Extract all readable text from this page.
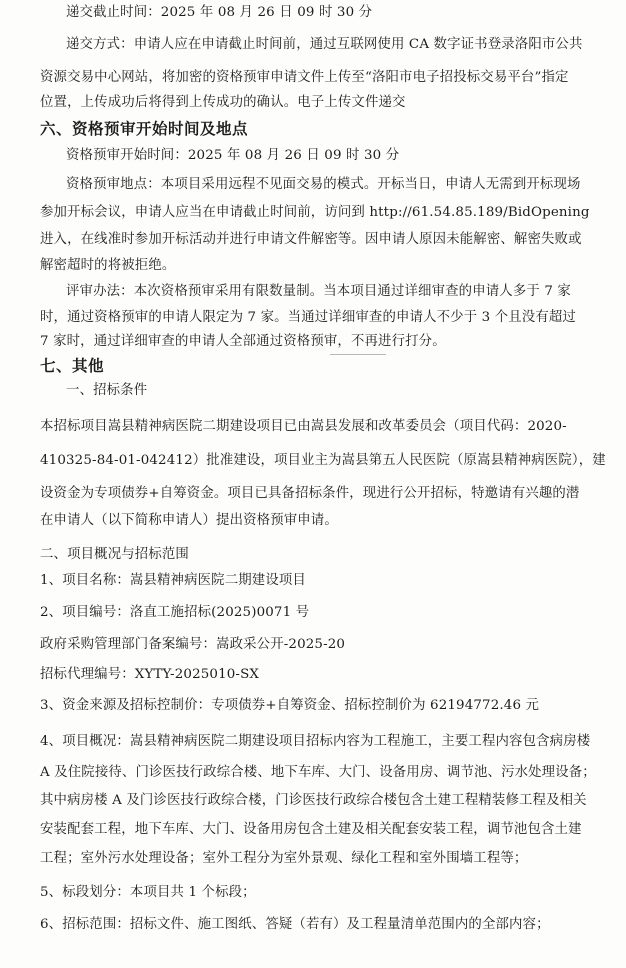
递交截止时间：2025 年 08 月 26 日 09 时 30 分
递交方式：申请人应在申请截止时间前，通过互联网使用 CA 数字证书登录洛阳市公共
资源交易中心网站，将加密的资格预审申请文件上传至“洛阳市电子招投标交易平台”指定
位置，上传成功后将得到上传成功的确认。电子上传文件递交
六、资格预审开始时间及地点
资格预审开始时间：2025 年 08 月 26 日 09 时 30 分
资格预审地点：本项目采用远程不见面交易的模式。开标当日，申请人无需到开标现场
参加开标会议，申请人应当在申请截止时间前，访问到 http://61.54.85.189/BidOpening
进入，在线准时参加开标活动并进行申请文件解密等。因申请人原因未能解密、解密失败或
解密超时的将被拒绝。
评审办法：本次资格预审采用有限数量制。当本项目通过详细审查的申请人多于 7 家
时，通过资格预审的申请人限定为 7 家。当通过详细审查的申请人不少于 3 个且没有超过
7 家时，通过详细审查的申请人全部通过资格预审，不再进行打分。
七、其他
一、招标条件
本招标项目嵩县精神病医院二期建设项目已由嵩县发展和改革委员会（项目代码：2020-
410325-84-01-042412）批准建设，项目业主为嵩县第五人民医院（原嵩县精神病医院），建
设资金为专项债券+自筹资金。项目已具备招标条件，现进行公开招标，特邀请有兴趣的潜
在申请人（以下简称申请人）提出资格预审申请。
二、项目概况与招标范围
1、项目名称：嵩县精神病医院二期建设项目
2、项目编号：洛直工施招标(2025)0071 号
政府采购管理部门备案编号：嵩政采公开-2025-20
招标代理编号：XYTY-2025010-SX
3、资金来源及招标控制价：专项债券+自筹资金、招标控制价为 62194772.46 元
4、项目概况：嵩县精神病医院二期建设项目招标内容为工程施工，主要工程内容包含病房楼
A 及住院接待、门诊医技行政综合楼、地下车库、大门、设备用房、调节池、污水处理设备；
其中病房楼 A 及门诊医技行政综合楼，门诊医技行政综合楼包含土建工程精装修工程及相关
安装配套工程，地下车库、大门、设备用房包含土建及相关配套安装工程，调节池包含土建
工程；室外污水处理设备；室外工程分为室外景观、绿化工程和室外围墙工程等；
5、标段划分：本项目共 1 个标段；
6、招标范围：招标文件、施工图纸、答疑（若有）及工程量清单范围内的全部内容；
